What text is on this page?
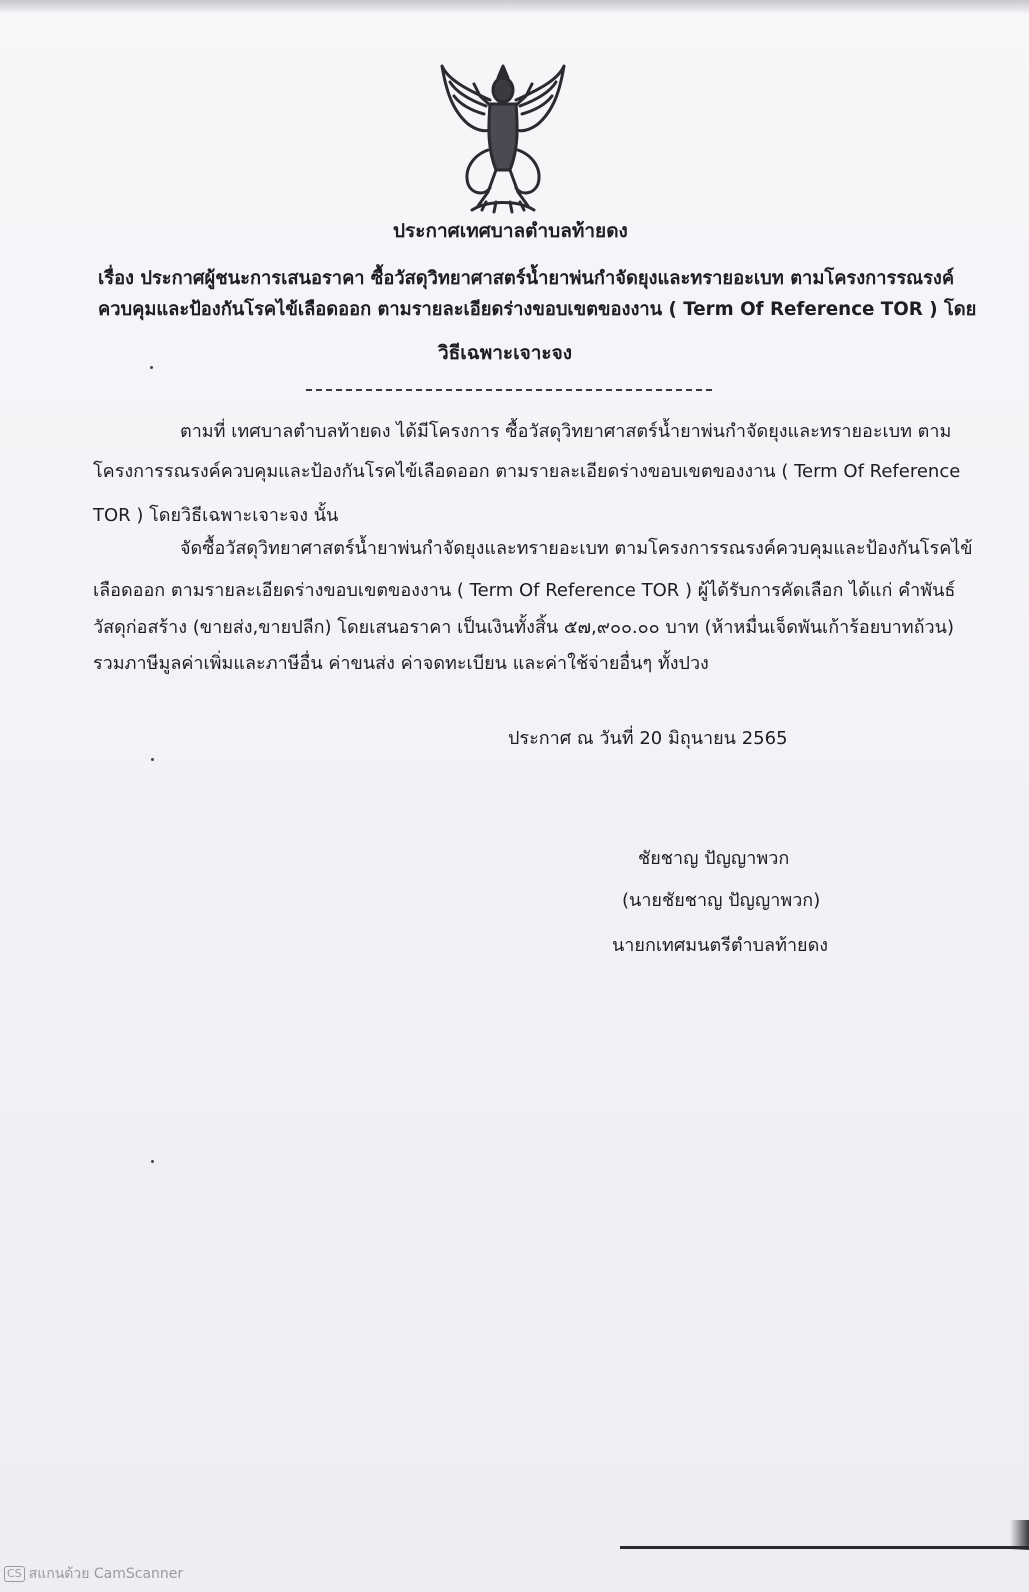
ประกาศเทศบาลตำบลท้ายดง
เรื่อง ประกาศผู้ชนะการเสนอราคา ซื้อวัสดุวิทยาศาสตร์น้ำยาพ่นกำจัดยุงและทรายอะเบท ตามโครงการรณรงค์
ควบคุมและป้องกันโรคไข้เลือดออก ตามรายละเอียดร่างขอบเขตของงาน ( Term Of Reference TOR ) โดย
วิธีเฉพาะเจาะจง
ตามที่ เทศบาลตำบลท้ายดง ได้มีโครงการ ซื้อวัสดุวิทยาศาสตร์น้ำยาพ่นกำจัดยุงและทรายอะเบท ตาม
โครงการรณรงค์ควบคุมและป้องกันโรคไข้เลือดออก ตามรายละเอียดร่างขอบเขตของงาน ( Term Of Reference
TOR ) โดยวิธีเฉพาะเจาะจง นั้น
จัดซื้อวัสดุวิทยาศาสตร์น้ำยาพ่นกำจัดยุงและทรายอะเบท ตามโครงการรณรงค์ควบคุมและป้องกันโรคไข้
เลือดออก ตามรายละเอียดร่างขอบเขตของงาน ( Term Of Reference TOR ) ผู้ได้รับการคัดเลือก ได้แก่ คำพันธ์
วัสดุก่อสร้าง (ขายส่ง,ขายปลีก) โดยเสนอราคา เป็นเงินทั้งสิ้น ๕๗,๙๐๐.๐๐ บาท (ห้าหมื่นเจ็ดพันเก้าร้อยบาทถ้วน)
รวมภาษีมูลค่าเพิ่มและภาษีอื่น ค่าขนส่ง ค่าจดทะเบียน และค่าใช้จ่ายอื่นๆ ทั้งปวง
ประกาศ ณ วันที่ 20 มิถุนายน 2565
ชัยชาญ ปัญญาพวก
(นายชัยชาญ ปัญญาพวก)
นายกเทศมนตรีตำบลท้ายดง
CS สแกนด้วย CamScanner
